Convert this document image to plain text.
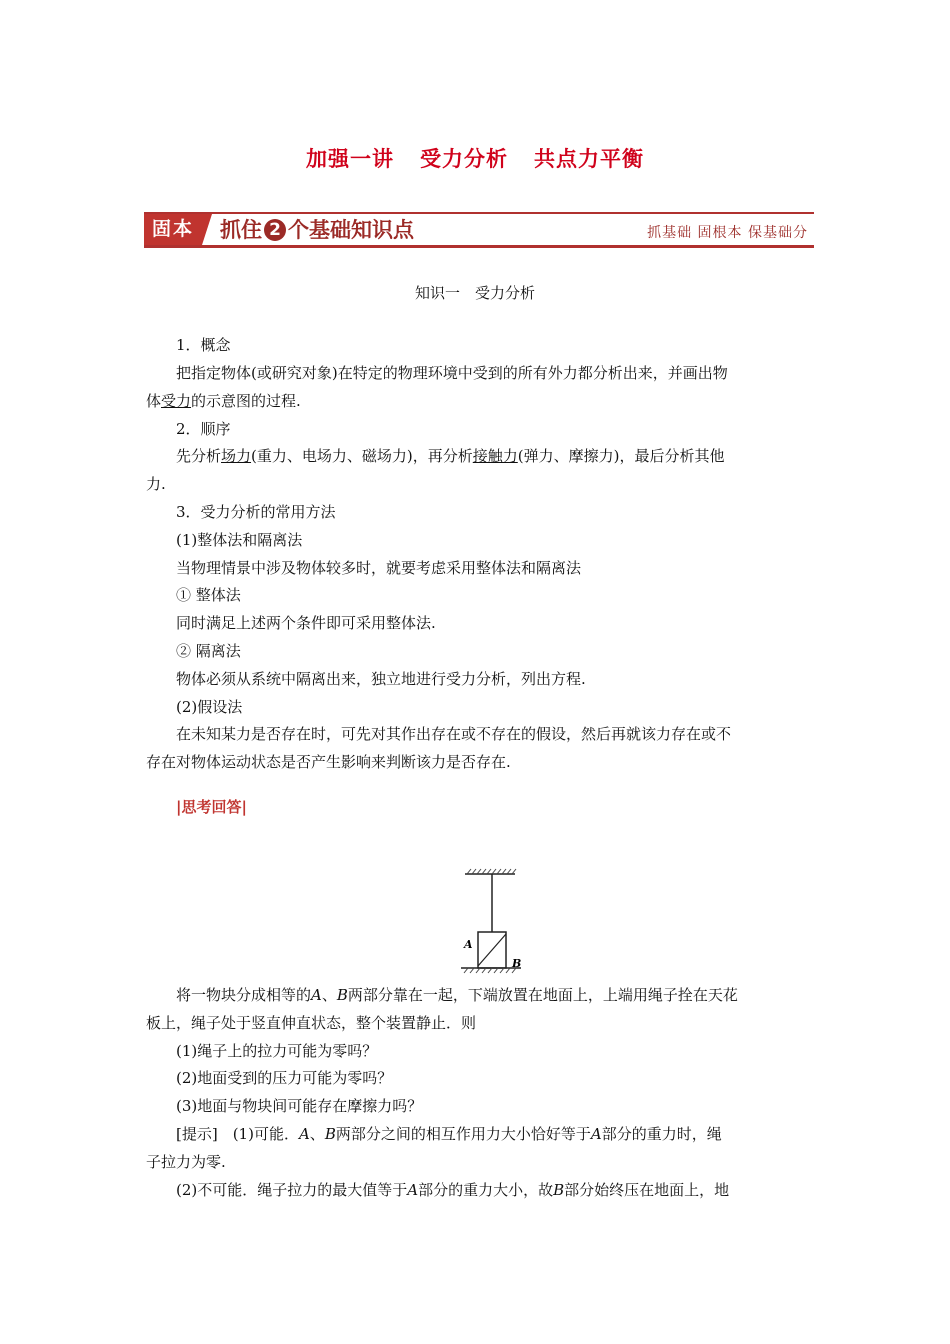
加强一讲 受力分析 共点力平衡
固本	抓住 2 个基础知识点	抓基础 固根本 保基础分
知识一　受力分析
1．概念
把指定物体(或研究对象)在特定的物理环境中受到的所有外力都分析出来，并画出物
体受力的示意图的过程.
2．顺序
先分析场力(重力、电场力、磁场力)，再分析接触力(弹力、摩擦力)，最后分析其他
力.
3．受力分析的常用方法
(1)整体法和隔离法
当物理情景中涉及物体较多时，就要考虑采用整体法和隔离法
① 整体法
同时满足上述两个条件即可采用整体法.
② 隔离法
物体必须从系统中隔离出来，独立地进行受力分析，列出方程.
(2)假设法
在未知某力是否存在时，可先对其作出存在或不存在的假设，然后再就该力存在或不
存在对物体运动状态是否产生影响来判断该力是否存在.
|思考回答|
A
B
将一物块分成相等的A、B两部分靠在一起，下端放置在地面上，上端用绳子拴在天花
板上，绳子处于竖直伸直状态，整个装置静止．则
(1)绳子上的拉力可能为零吗？
(2)地面受到的压力可能为零吗？
(3)地面与物块间可能存在摩擦力吗？
[提示]　(1)可能．A、B两部分之间的相互作用力大小恰好等于A部分的重力时，绳
子拉力为零.
(2)不可能．绳子拉力的最大值等于A部分的重力大小，故B部分始终压在地面上，地
